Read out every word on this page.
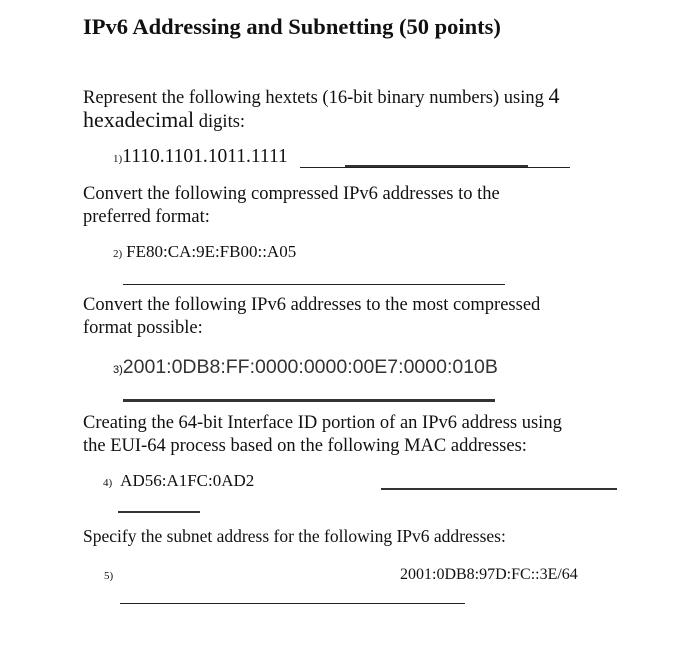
IPv6 Addressing and Subnetting (50 points)
Represent the following hextets (16-bit binary numbers) using 4
hexadecimal digits:
1)1110.1101.1011.1111
Convert the following compressed IPv6 addresses to the
preferred format:
2) FE80:CA:9E:FB00::A05
Convert the following IPv6 addresses to the most compressed
format possible:
3)2001:0DB8:FF:0000:0000:00E7:0000:010B
Creating the 64-bit Interface ID portion of an IPv6 address using
the EUI-64 process based on the following MAC addresses:
4) AD56:A1FC:0AD2
Specify the subnet address for the following IPv6 addresses:
5)	2001:0DB8:97D:FC::3E/64
